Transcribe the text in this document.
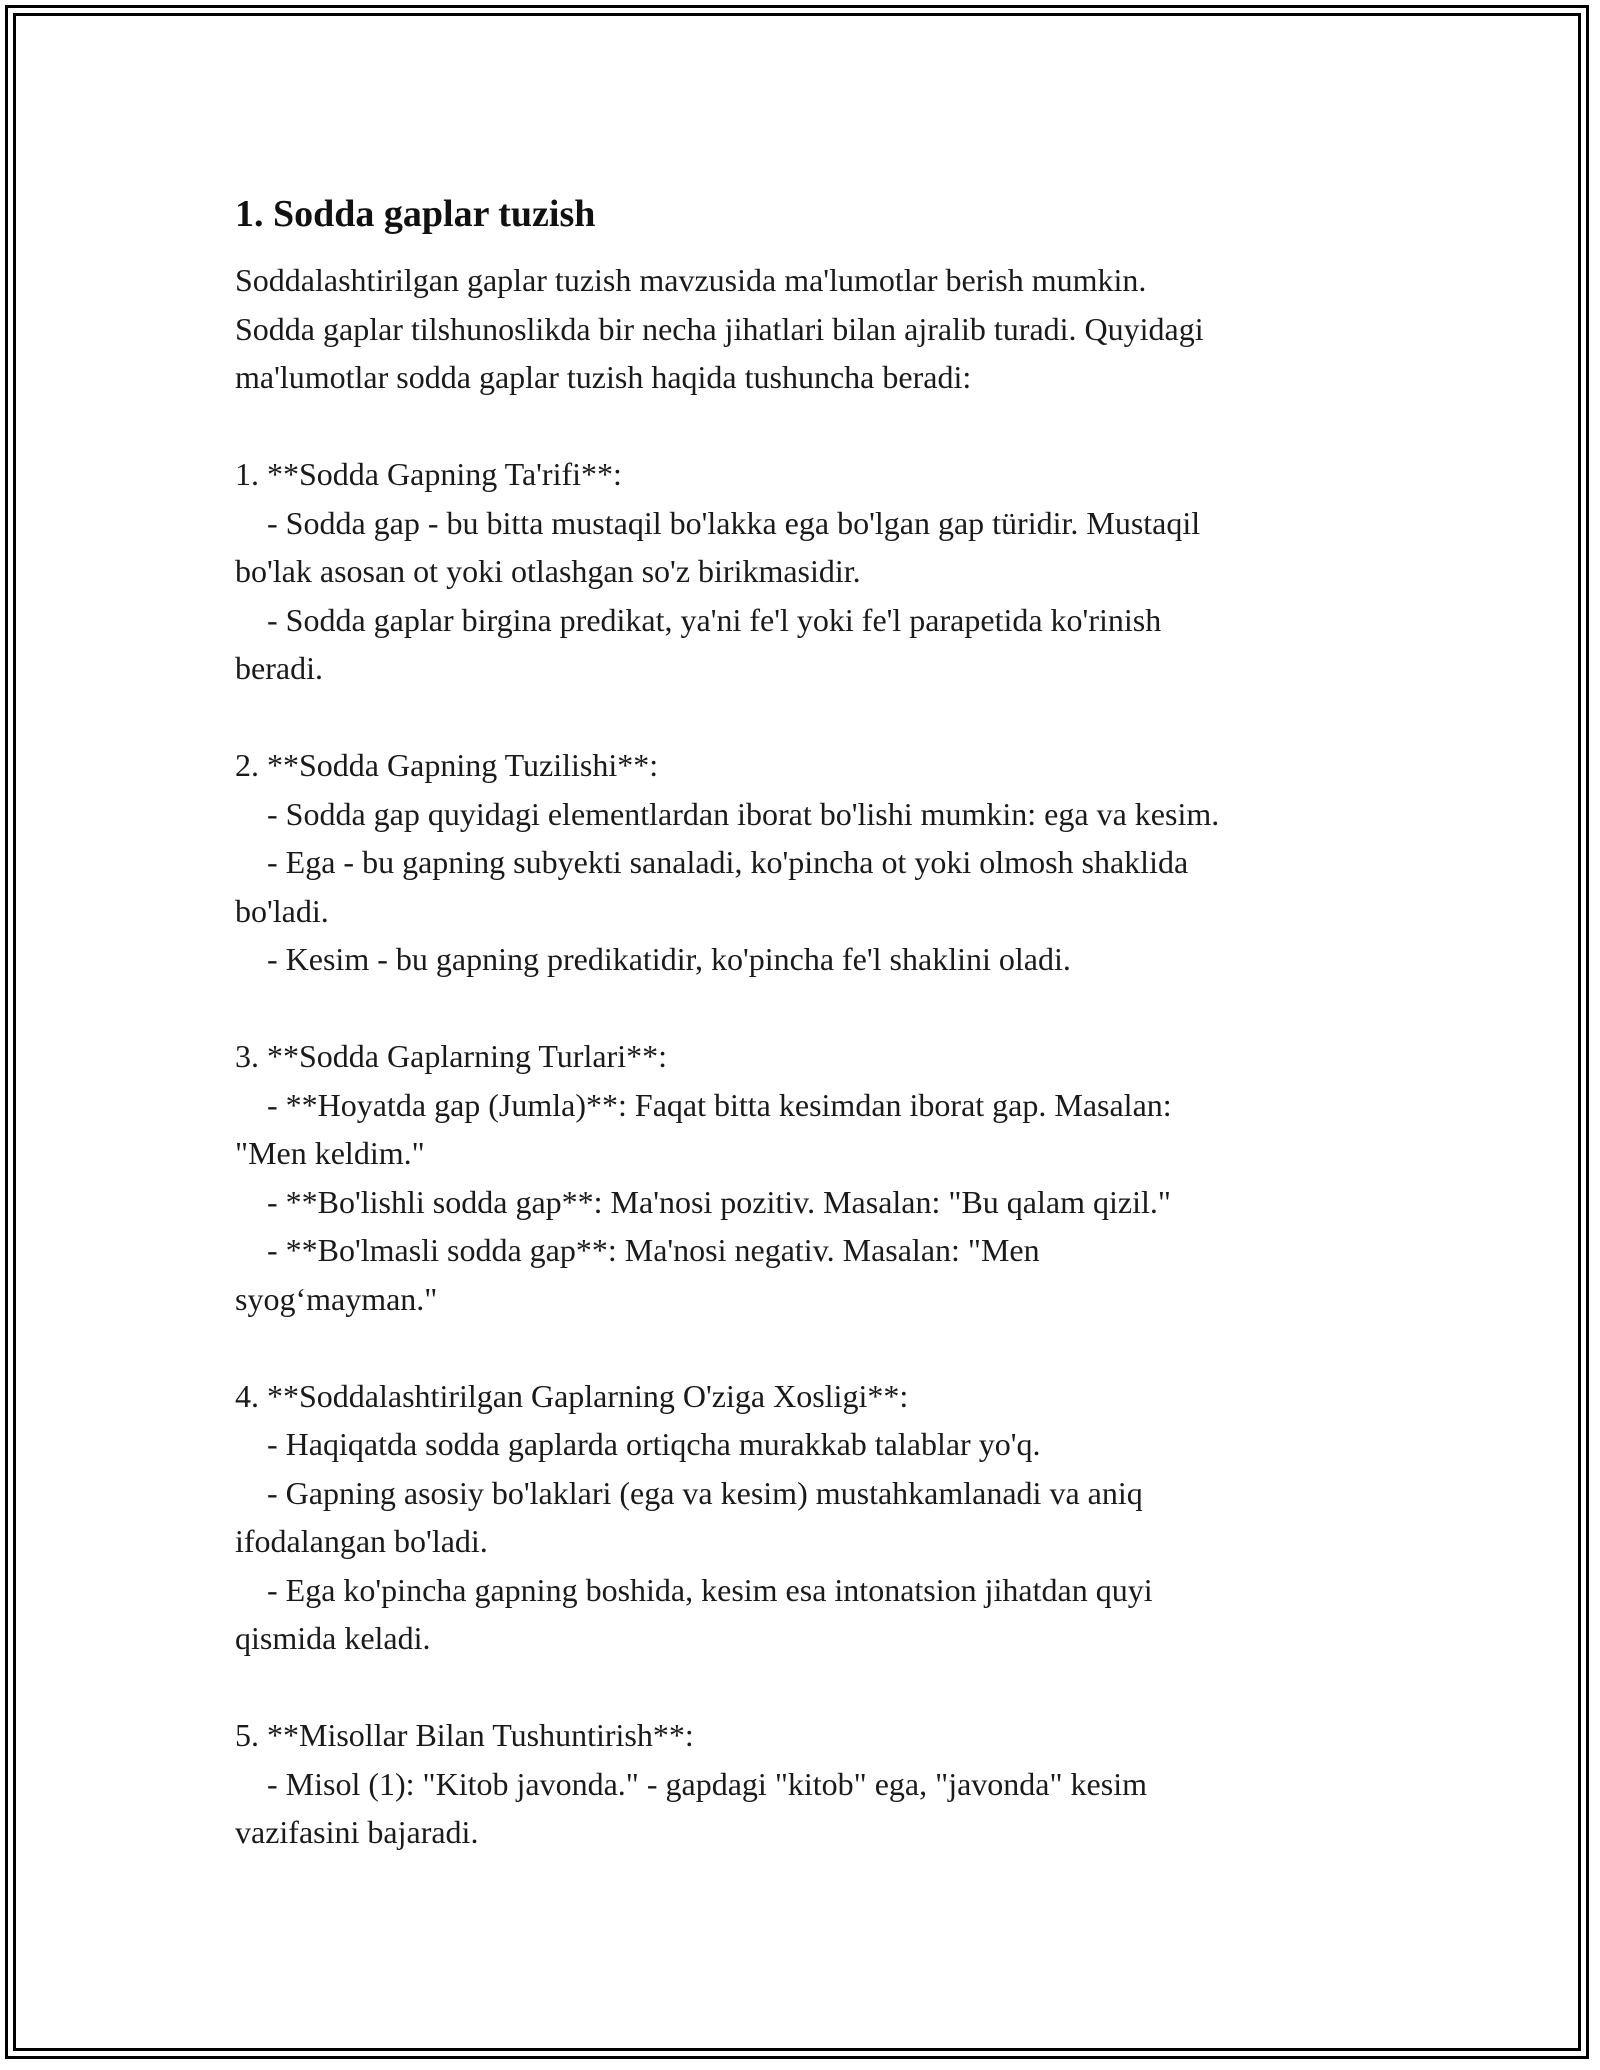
1. Sodda gaplar tuzish

Soddalashtirilgan gaplar tuzish mavzusida ma'lumotlar berish mumkin.
Sodda gaplar tilshunoslikda bir necha jihatlari bilan ajralib turadi. Quyidagi
ma'lumotlar sodda gaplar tuzish haqida tushuncha beradi:

1. **Sodda Gapning Ta'rifi**:
- Sodda gap - bu bitta mustaqil bo'lakka ega bo'lgan gap türidir. Mustaqil
bo'lak asosan ot yoki otlashgan so'z birikmasidir.
- Sodda gaplar birgina predikat, ya'ni fe'l yoki fe'l parapetida ko'rinish
beradi.

2. **Sodda Gapning Tuzilishi**:
- Sodda gap quyidagi elementlardan iborat bo'lishi mumkin: ega va kesim.
- Ega - bu gapning subyekti sanaladi, ko'pincha ot yoki olmosh shaklida
bo'ladi.
- Kesim - bu gapning predikatidir, ko'pincha fe'l shaklini oladi.

3. **Sodda Gaplarning Turlari**:
- **Hoyatda gap (Jumla)**: Faqat bitta kesimdan iborat gap. Masalan:
"Men keldim."
- **Bo'lishli sodda gap**: Ma'nosi pozitiv. Masalan: "Bu qalam qizil."
- **Bo'lmasli sodda gap**: Ma'nosi negativ. Masalan: "Men
syog‘mayman."

4. **Soddalashtirilgan Gaplarning O'ziga Xosligi**:
- Haqiqatda sodda gaplarda ortiqcha murakkab talablar yo'q.
- Gapning asosiy bo'laklari (ega va kesim) mustahkamlanadi va aniq
ifodalangan bo'ladi.
- Ega ko'pincha gapning boshida, kesim esa intonatsion jihatdan quyi
qismida keladi.

5. **Misollar Bilan Tushuntirish**:
- Misol (1): "Kitob javonda." - gapdagi "kitob" ega, "javonda" kesim
vazifasini bajaradi.
